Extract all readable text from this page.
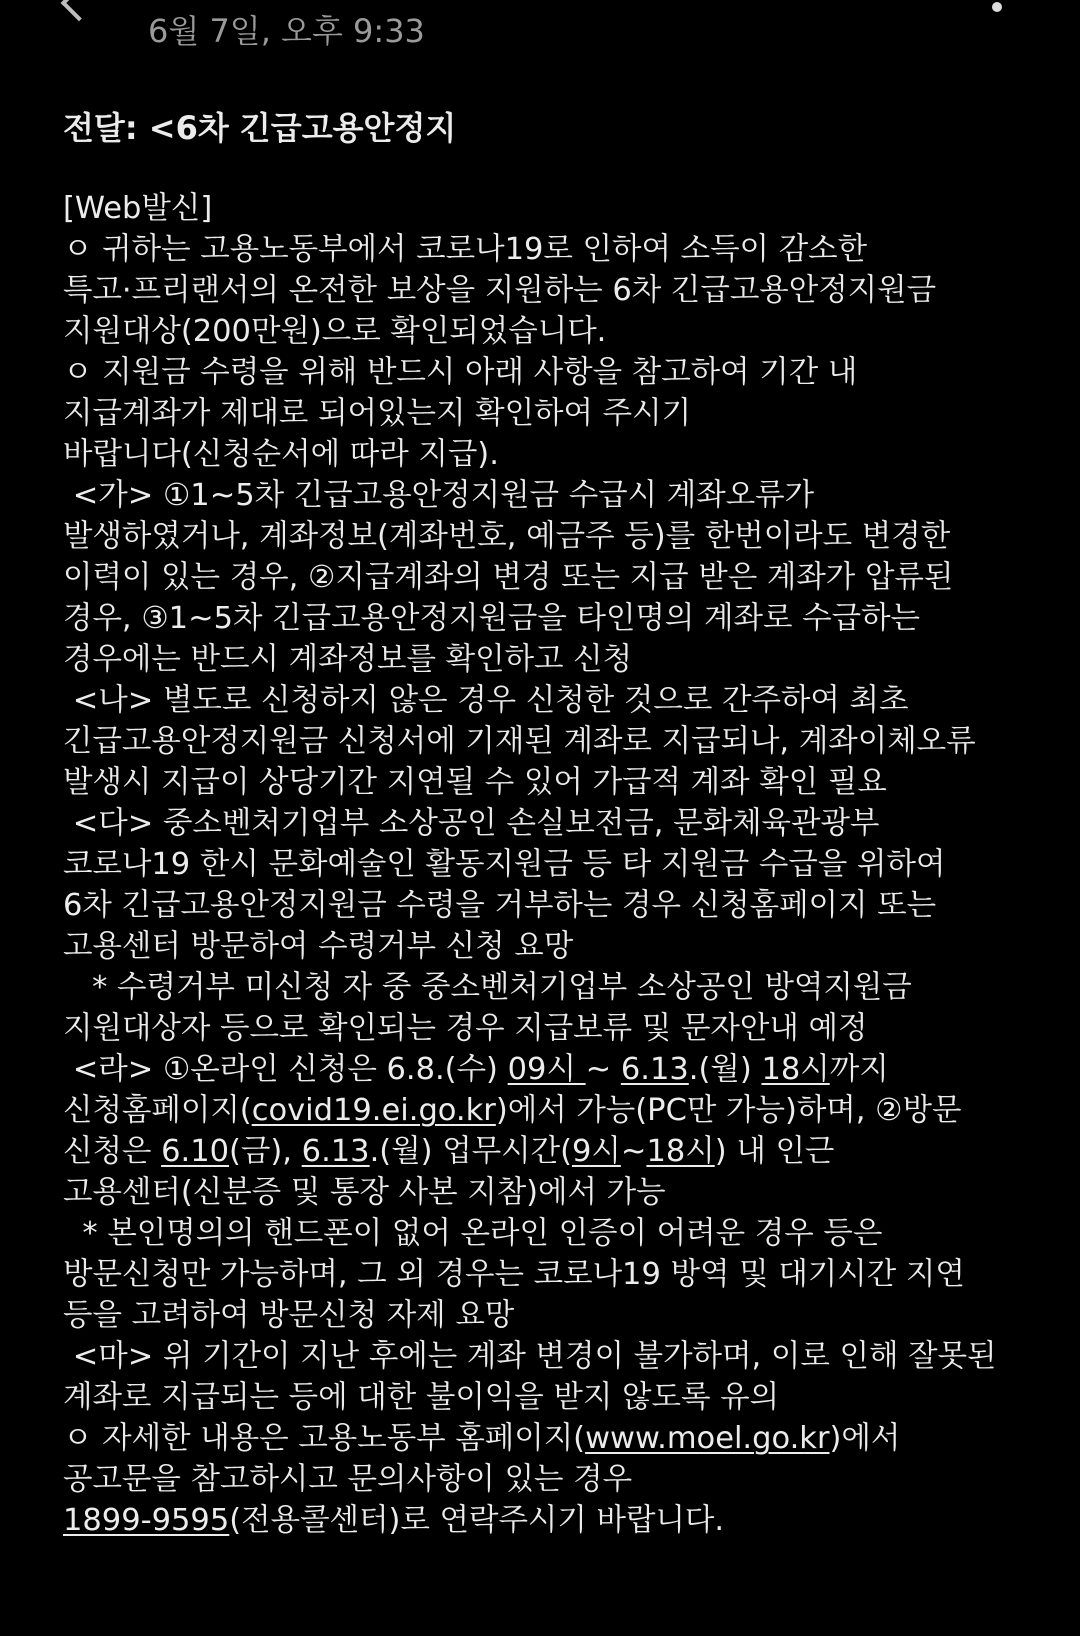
6월 7일, 오후 9:33
전달: <6차 긴급고용안정지
[Web발신]
ㅇ 귀하는 고용노동부에서 코로나19로 인하여 소득이 감소한
특고·프리랜서의 온전한 보상을 지원하는 6차 긴급고용안정지원금
지원대상(200만원)으로 확인되었습니다.
ㅇ 지원금 수령을 위해 반드시 아래 사항을 참고하여 기간 내
지급계좌가 제대로 되어있는지 확인하여 주시기
바랍니다(신청순서에 따라 지급).
<가> ①1~5차 긴급고용안정지원금 수급시 계좌오류가
발생하였거나, 계좌정보(계좌번호, 예금주 등)를 한번이라도 변경한
이력이 있는 경우, ②지급계좌의 변경 또는 지급 받은 계좌가 압류된
경우, ③1~5차 긴급고용안정지원금을 타인명의 계좌로 수급하는
경우에는 반드시 계좌정보를 확인하고 신청
<나> 별도로 신청하지 않은 경우 신청한 것으로 간주하여 최초
긴급고용안정지원금 신청서에 기재된 계좌로 지급되나, 계좌이체오류
발생시 지급이 상당기간 지연될 수 있어 가급적 계좌 확인 필요
<다> 중소벤처기업부 소상공인 손실보전금, 문화체육관광부
코로나19 한시 문화예술인 활동지원금 등 타 지원금 수급을 위하여
6차 긴급고용안정지원금 수령을 거부하는 경우 신청홈페이지 또는
고용센터 방문하여 수령거부 신청 요망
* 수령거부 미신청 자 중 중소벤처기업부 소상공인 방역지원금
지원대상자 등으로 확인되는 경우 지급보류 및 문자안내 예정
<라> ①온라인 신청은 6.8.(수) 09시 ~ 6.13.(월) 18시까지
신청홈페이지(covid19.ei.go.kr)에서 가능(PC만 가능)하며, ②방문
신청은 6.10(금), 6.13.(월) 업무시간(9시~18시) 내 인근
고용센터(신분증 및 통장 사본 지참)에서 가능
* 본인명의의 핸드폰이 없어 온라인 인증이 어려운 경우 등은
방문신청만 가능하며, 그 외 경우는 코로나19 방역 및 대기시간 지연
등을 고려하여 방문신청 자제 요망
<마> 위 기간이 지난 후에는 계좌 변경이 불가하며, 이로 인해 잘못된
계좌로 지급되는 등에 대한 불이익을 받지 않도록 유의
ㅇ 자세한 내용은 고용노동부 홈페이지(www.moel.go.kr)에서
공고문을 참고하시고 문의사항이 있는 경우
1899-9595(전용콜센터)로 연락주시기 바랍니다.
